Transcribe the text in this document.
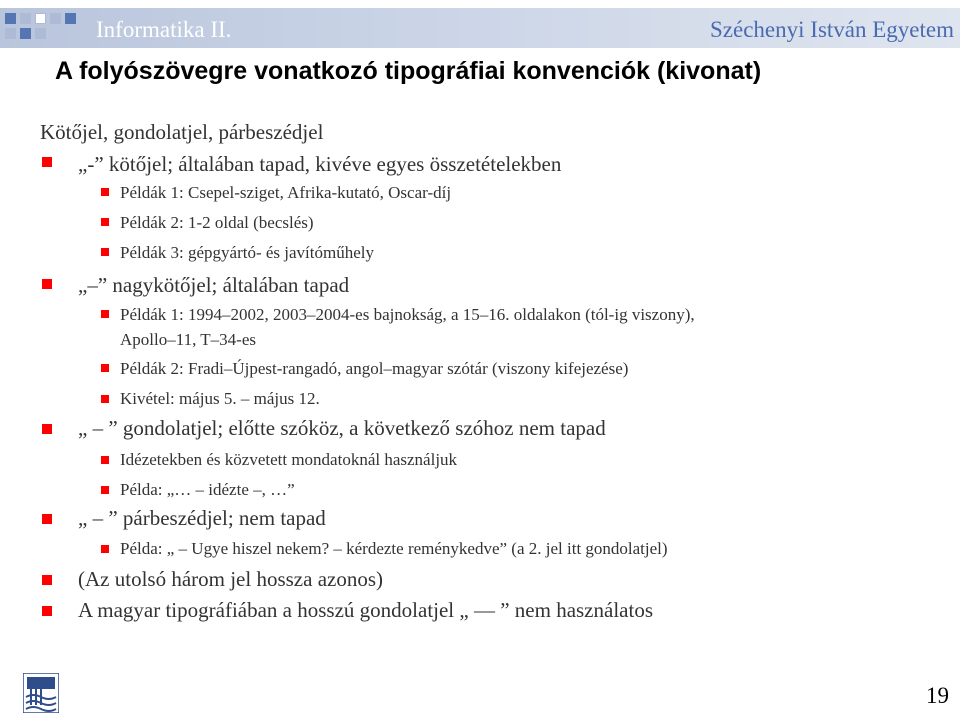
Informatika II.	Széchenyi István Egyetem
A folyószövegre vonatkozó tipográfiai konvenciók (kivonat)
Kötőjel, gondolatjel, párbeszédjel
„-” kötőjel; általában tapad, kivéve egyes összetételekben
Példák 1: Csepel-sziget, Afrika-kutató, Oscar-díj
Példák 2: 1-2 oldal (becslés)
Példák 3: gépgyártó- és javítóműhely
„–” nagykötőjel; általában tapad
Példák 1: 1994–2002, 2003–2004-es bajnokság, a 15–16. oldalakon (tól-ig viszony),
Apollo–11, T–34-es
Példák 2: Fradi–Újpest-rangadó, angol–magyar szótár (viszony kifejezése)
Kivétel: május 5. – május 12.
„ – ” gondolatjel; előtte szóköz, a következő szóhoz nem tapad
Idézetekben és közvetett mondatoknál használjuk
Példa: „… – idézte –, …”
„ – ” párbeszédjel; nem tapad
Példa: „ – Ugye hiszel nekem? – kérdezte reménykedve” (a 2. jel itt gondolatjel)
(Az utolsó három jel hossza azonos)
A magyar tipográfiában a hosszú gondolatjel „ — ” nem használatos
19
